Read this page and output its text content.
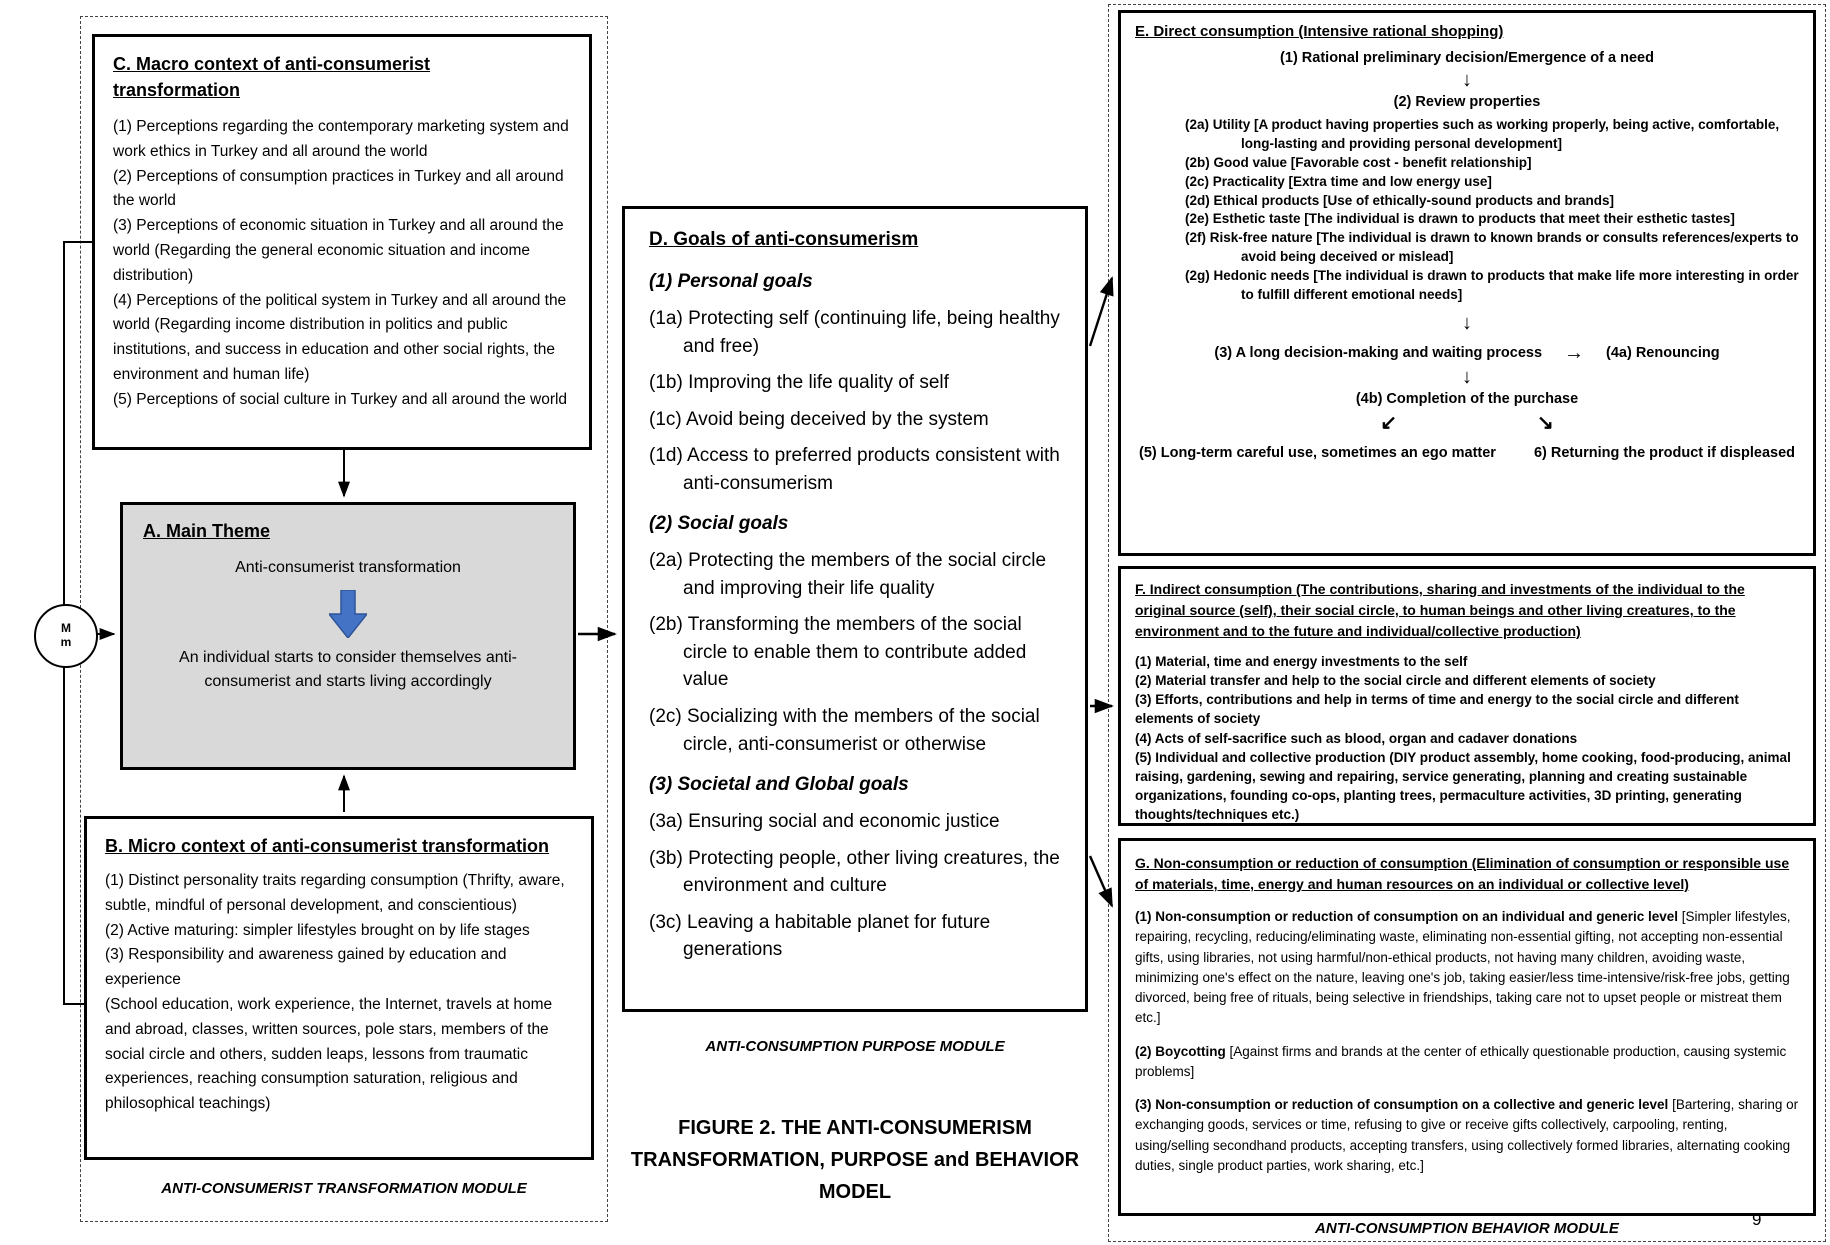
M
m
C. Macro context of anti-consumerist transformation
(1) Perceptions regarding the contemporary marketing system and work ethics in Turkey and all around the world
(2) Perceptions of consumption practices in Turkey and all around the world
(3) Perceptions of economic situation in Turkey and all around the world (Regarding the general economic situation and income distribution)
(4) Perceptions of the political system in Turkey and all around the world (Regarding income distribution in politics and public institutions, and success in education and other social rights, the environment and human life)
(5) Perceptions of social culture in Turkey and all around the world
A. Main Theme
Anti-consumerist transformation
An individual starts to consider themselves anti-consumerist and starts living accordingly
B. Micro context of anti-consumerist transformation
(1) Distinct personality traits regarding consumption (Thrifty, aware, subtle, mindful of personal development, and conscientious)
(2) Active maturing: simpler lifestyles brought on by life stages
(3) Responsibility and awareness gained by education and experience
(School education, work experience, the Internet, travels at home and abroad, classes, written sources, pole stars, members of the social circle and others, sudden leaps, lessons from traumatic experiences, reaching consumption saturation, religious and philosophical teachings)
ANTI-CONSUMERIST TRANSFORMATION MODULE
D. Goals of anti-consumerism
(1) Personal goals
(1a) Protecting self (continuing life, being healthy and free)
(1b) Improving the life quality of self
(1c) Avoid being deceived by the system
(1d) Access to preferred products consistent with anti-consumerism
(2) Social goals
(2a) Protecting the members of the social circle and improving their life quality
(2b) Transforming the members of the social circle to enable them to contribute added value
(2c) Socializing with the members of the social circle, anti-consumerist or otherwise
(3) Societal and Global goals
(3a) Ensuring social and economic justice
(3b) Protecting people, other living creatures, the environment and culture
(3c) Leaving a habitable planet for future generations
ANTI-CONSUMPTION PURPOSE MODULE
FIGURE 2. THE ANTI-CONSUMERISM TRANSFORMATION, PURPOSE and BEHAVIOR MODEL
E. Direct consumption (Intensive rational shopping)
(1) Rational preliminary decision/Emergence of a need
↓
(2) Review properties
(2a) Utility [A product having properties such as working properly, being active, comfortable, long-lasting and providing personal development]
(2b) Good value [Favorable cost - benefit relationship]
(2c) Practicality [Extra time and low energy use]
(2d) Ethical products [Use of ethically-sound products and brands]
(2e) Esthetic taste [The individual is drawn to products that meet their esthetic tastes]
(2f) Risk-free nature [The individual is drawn to known brands or consults references/experts to avoid being deceived or mislead]
(2g) Hedonic needs [The individual is drawn to products that make life more interesting in order to fulfill different emotional needs]
↓
(3) A long decision-making and waiting process → (4a) Renouncing
↓
(4b) Completion of the purchase
↙	↘
(5) Long-term careful use, sometimes an ego matter	6) Returning the product if displeased
F. Indirect consumption (The contributions, sharing and investments of the individual to the original source (self), their social circle, to human beings and other living creatures, to the environment and to the future and individual/collective production)
(1) Material, time and energy investments to the self
(2) Material transfer and help to the social circle and different elements of society
(3) Efforts, contributions and help in terms of time and energy to the social circle and different elements of society
(4) Acts of self-sacrifice such as blood, organ and cadaver donations
(5) Individual and collective production (DIY product assembly, home cooking, food-producing, animal raising, gardening, sewing and repairing, service generating, planning and creating sustainable organizations, founding co-ops, planting trees, permaculture activities, 3D printing, generating thoughts/techniques etc.)
G. Non-consumption or reduction of consumption (Elimination of consumption or responsible use of materials, time, energy and human resources on an individual or collective level)
(1) Non-consumption or reduction of consumption on an individual and generic level [Simpler lifestyles, repairing, recycling, reducing/eliminating waste, eliminating non-essential gifting, not accepting non-essential gifts, using libraries, not using harmful/non-ethical products, not having many children, avoiding waste, minimizing one's effect on the nature, leaving one's job, taking easier/less time-intensive/risk-free jobs, getting divorced, being free of rituals, being selective in friendships, taking care not to upset people or mistreat them etc.]
(2) Boycotting [Against firms and brands at the center of ethically questionable production, causing systemic problems]
(3) Non-consumption or reduction of consumption on a collective and generic level [Bartering, sharing or exchanging goods, services or time, refusing to give or receive gifts collectively, carpooling, renting, using/selling secondhand products, accepting transfers, using collectively formed libraries, alternating cooking duties, single product parties, work sharing, etc.]
ANTI-CONSUMPTION BEHAVIOR MODULE	9
